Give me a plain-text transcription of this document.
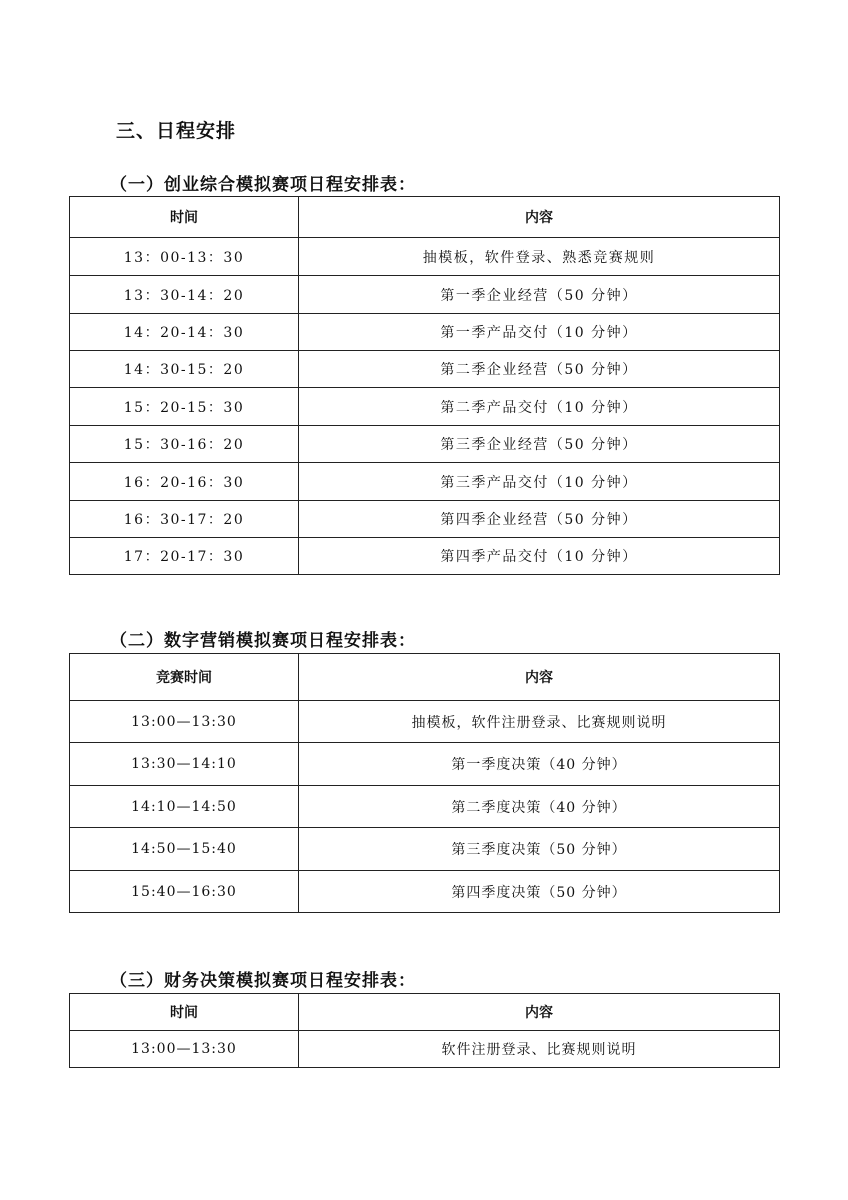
三、日程安排
（一）创业综合模拟赛项日程安排表：
时间	内容
13：00-13：30	抽模板，软件登录、熟悉竞赛规则
13：30-14：20	第一季企业经营（50 分钟）
14：20-14：30	第一季产品交付（10 分钟）
14：30-15：20	第二季企业经营（50 分钟）
15：20-15：30	第二季产品交付（10 分钟）
15：30-16：20	第三季企业经营（50 分钟）
16：20-16：30	第三季产品交付（10 分钟）
16：30-17：20	第四季企业经营（50 分钟）
17：20-17：30	第四季产品交付（10 分钟）
（二）数字营销模拟赛项日程安排表：
竞赛时间	内容
13:00—13:30	抽模板，软件注册登录、比赛规则说明
13:30—14:10	第一季度决策（40 分钟）
14:10—14:50	第二季度决策（40 分钟）
14:50—15:40	第三季度决策（50 分钟）
15:40—16:30	第四季度决策（50 分钟）
（三）财务决策模拟赛项日程安排表：
时间	内容
13:00—13:30	软件注册登录、比赛规则说明
